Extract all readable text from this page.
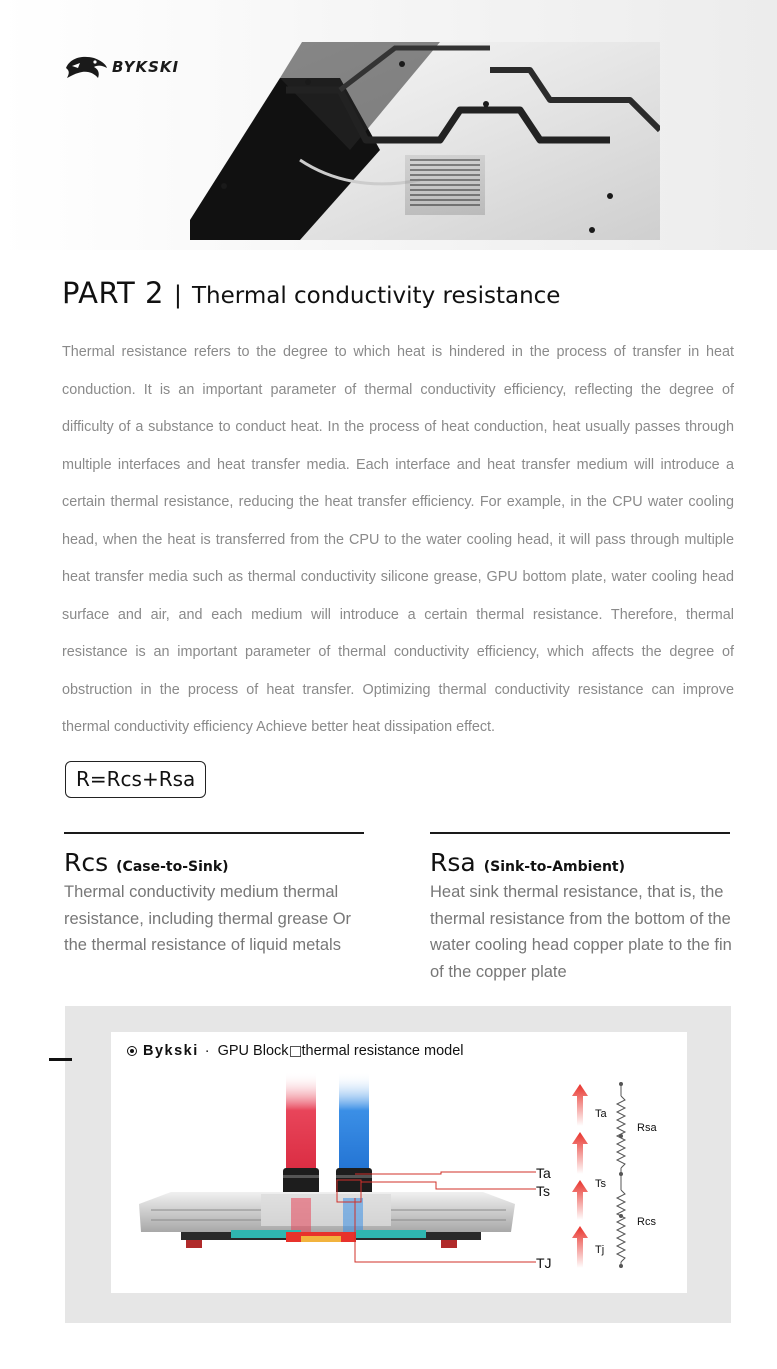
BYKSKI
PART 2 | Thermal conductivity resistance

Thermal resistance refers to the degree to which heat is hindered in the process of transfer in heat conduction. It is an important parameter of thermal conductivity efficiency, reflecting the degree of difficulty of a substance to conduct heat. In the process of heat conduction, heat usually passes through multiple interfaces and heat transfer media. Each interface and heat transfer medium will introduce a certain thermal resistance, reducing the heat transfer efficiency. For example, in the CPU water cooling head, when the heat is transferred from the CPU to the water cooling head, it will pass through multiple heat transfer media such as thermal conductivity silicone grease, GPU bottom plate, water cooling head surface and air, and each medium will introduce a certain thermal resistance. Therefore, thermal resistance is an important parameter of thermal conductivity efficiency, which affects the degree of obstruction in the process of heat transfer. Optimizing thermal conductivity resistance can improve thermal conductivity efficiency Achieve better heat dissipation effect.

R=Rcs+Rsa
Rcs (Case-to-Sink)

Thermal conductivity medium thermal resistance, including thermal grease Or the thermal resistance of liquid metals

Rsa (Sink-to-Ambient)

Heat sink thermal resistance, that is, the thermal resistance from the bottom of the water cooling head copper plate to the fin of the copper plate

Bykski · GPU Block thermal resistance model
Ta
Ts
TJ
Ta
Ts
Tj
Rsa
Rcs
